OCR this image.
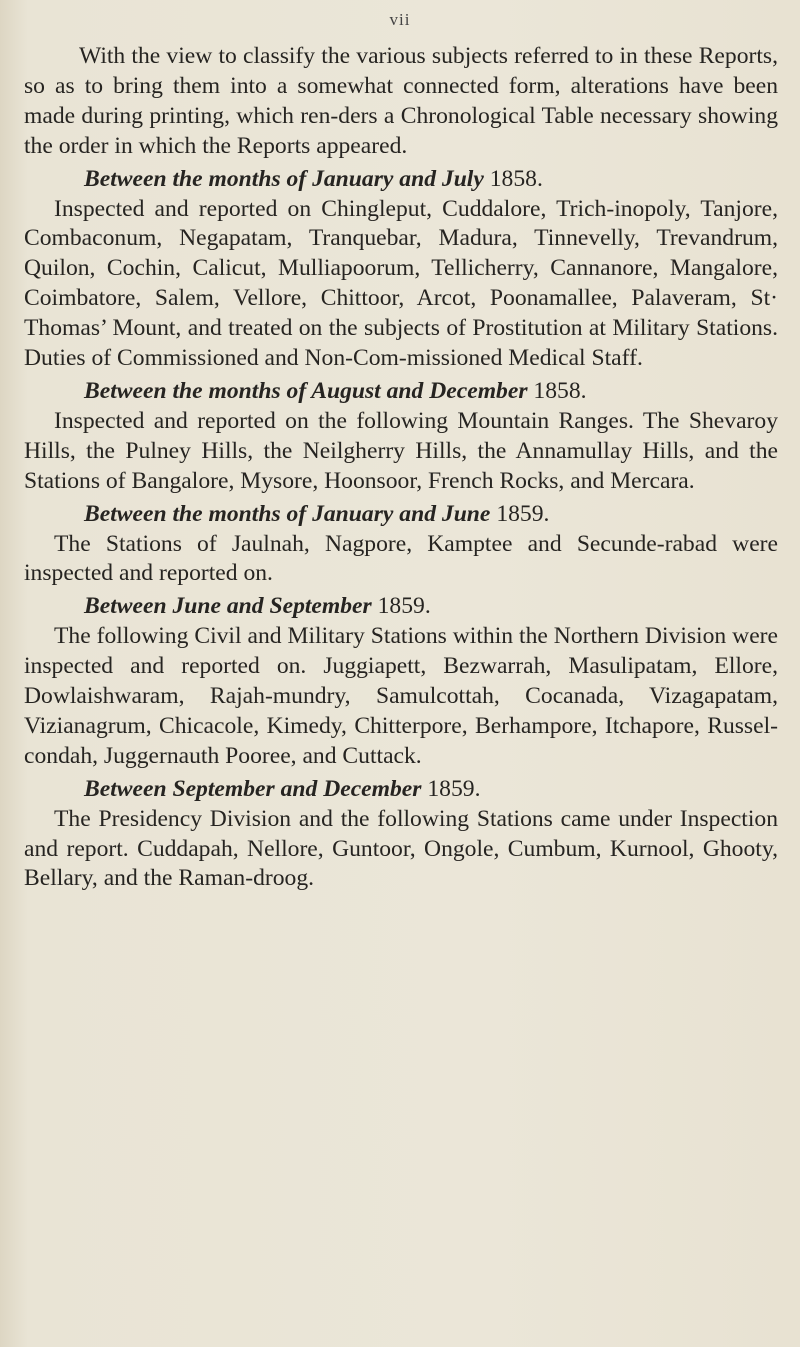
vii

With the view to classify the various subjects referred to in these Reports, so as to bring them into a somewhat connected form, alterations have been made during printing, which ren-ders a Chronological Table necessary showing the order in which the Reports appeared.

Between the months of January and July 1858.

Inspected and reported on Chingleput, Cuddalore, Trich-inopoly, Tanjore, Combaconum, Negapatam, Tranquebar, Madura, Tinnevelly, Trevandrum, Quilon, Cochin, Calicut, Mulliapoorum, Tellicherry, Cannanore, Mangalore, Coimbatore, Salem, Vellore, Chittoor, Arcot, Poonamallee, Palaveram, St· Thomas’ Mount, and treated on the subjects of Prostitution at Military Stations. Duties of Commissioned and Non-Com-missioned Medical Staff.

Between the months of August and December 1858.

Inspected and reported on the following Mountain Ranges. The Shevaroy Hills, the Pulney Hills, the Neilgherry Hills, the Annamullay Hills, and the Stations of Bangalore, Mysore, Hoonsoor, French Rocks, and Mercara.

Between the months of January and June 1859.

The Stations of Jaulnah, Nagpore, Kamptee and Secunde-rabad were inspected and reported on.

Between June and September 1859.

The following Civil and Military Stations within the Northern Division were inspected and reported on. Juggiapett, Bezwarrah, Masulipatam, Ellore, Dowlaishwaram, Rajah-mundry, Samulcottah, Cocanada, Vizagapatam, Vizianagrum, Chicacole, Kimedy, Chitterpore, Berhampore, Itchapore, Russel-condah, Juggernauth Pooree, and Cuttack.

Between September and December 1859.

The Presidency Division and the following Stations came under Inspection and report. Cuddapah, Nellore, Guntoor, Ongole, Cumbum, Kurnool, Ghooty, Bellary, and the Raman-droog.
